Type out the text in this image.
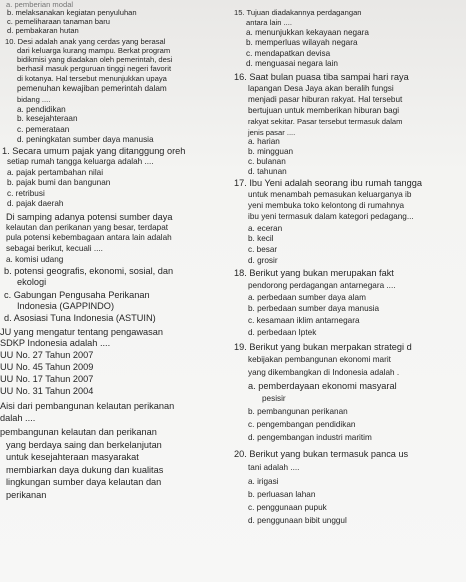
a. pemberian modal
b. melaksanakan kegiatan penyuluhan
c. pemeliharaan tanaman baru
d. pembakaran hutan
10. Desi adalah anak yang cerdas yang berasal
dari keluarga kurang mampu. Berkat program
bidikmisi yang diadakan oleh pemerintah, desi
berhasil masuk perguruan tinggi negeri favorit
di kotanya. Hal tersebut menunjukkan upaya
pemenuhan kewajiban pemerintah dalam
bidang ....
a. pendidikan
b. kesejahteraan
c. pemerataan
d. peningkatan sumber daya manusia
1. Secara umum pajak yang ditanggung oreh
setiap rumah tangga keluarga adalah ....
a. pajak pertambahan nilai
b. pajak bumi dan bangunan
c. retribusi
d. pajak daerah
Di samping adanya potensi sumber daya
kelautan dan perikanan yang besar, terdapat
pula potensi kebembagaan antara lain adalah
sebagai berikut, kecuali ....
a. komisi udang
b. potensi geografis, ekonomi, sosial, dan
ekologi
c. Gabungan Pengusaha Perikanan
Indonesia (GAPPINDO)
d. Asosiasi Tuna Indonesia (ASTUIN)
JU yang mengatur tentang pengawasan
SDKP Indonesia adalah ....
UU No. 27 Tahun 2007
UU No. 45 Tahun 2009
UU No. 17 Tahun 2007
UU No. 31 Tahun 2004
Aisi dari pembangunan kelautan perikanan
dalah ....
pembangunan kelautan dan perikanan
yang berdaya saing dan berkelanjutan
untuk kesejahteraan masyarakat
membiarkan daya dukung dan kualitas
lingkungan sumber daya kelautan dan
perikanan
15. Tujuan diadakannya perdagangan
antara lain ....
a. menunjukkan kekayaan negara
b. memperluas wilayah negara
c. mendapatkan devisa
d. menguasai negara lain
16. Saat bulan puasa tiba sampai hari raya
lapangan Desa Jaya akan beralih fungsi
menjadi pasar hiburan rakyat. Hal tersebut
bertujuan untuk memberikan hiburan bagi
rakyat sekitar. Pasar tersebut termasuk dalam
jenis pasar ....
a. harian
b. mingguan
c. bulanan
d. tahunan
17. Ibu Yeni adalah seorang ibu rumah tangga
untuk menambah pemasukan keluarganya ib
yeni membuka toko kelontong di rumahnya
ibu yeni termasuk dalam kategori pedagang...
a. eceran
b. kecil
c. besar
d. grosir
18. Berikut yang bukan merupakan fakt
pendorong perdagangan antarnegara ....
a. perbedaan sumber daya alam
b. perbedaan sumber daya manusia
c. kesamaan iklim antarnegara
d. perbedaan Iptek
19. Berikut yang bukan merpakan strategi d
kebijakan pembangunan ekonomi marit
yang dikembangkan di Indonesia adalah .
a. pemberdayaan ekonomi masyaral
pesisir
b. pembangunan perikanan
c. pengembangan pendidikan
d. pengembangan industri maritim
20. Berikut yang bukan termasuk panca us
tani adalah ....
a. irigasi
b. perluasan lahan
c. penggunaan pupuk
d. penggunaan bibit unggul
